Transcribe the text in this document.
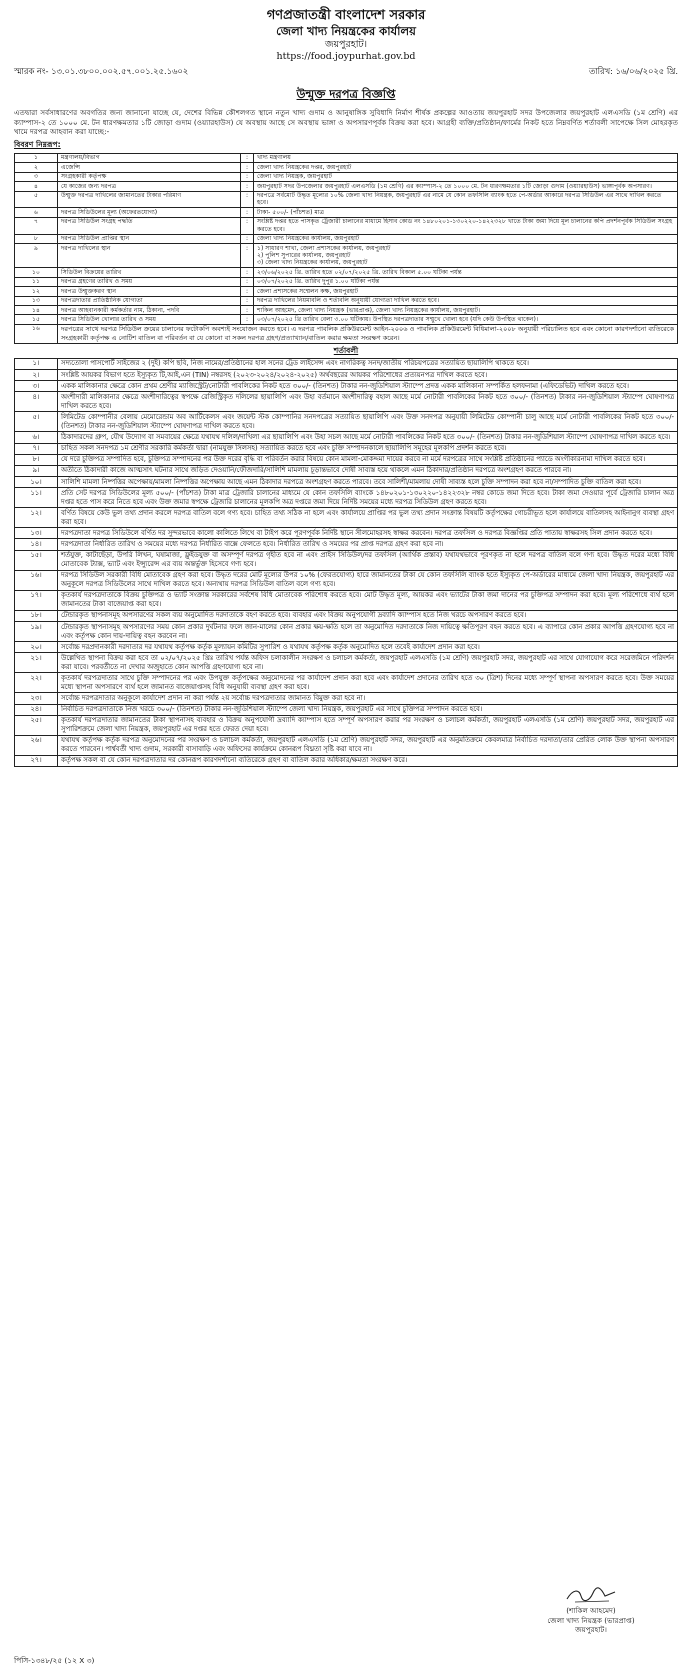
গণপ্রজাতন্ত্রী বাংলাদেশ সরকার
জেলা খাদ্য নিয়ন্ত্রকের কার্যালয়
জয়পুরহাট।
https://food.joypurhat.gov.bd
স্মারক নং- ১৩.০১.৩৮০০.০০২.৫৭.০০১.২৫.১৬০২	তারিখ: ১৬/০৬/২০২৫ খ্রি.
উন্মুক্ত দরপত্র বিজ্ঞপ্তি
এতদ্বারা সর্বসাধারণের অবগতির জন্য জানানো যাচ্ছে যে, দেশের বিভিন্ন কৌশলগত স্থানে নতুন খাদ্য গুদাম ও আনুষাঙ্গিক সুবিধাদি নির্মাণ শীর্ষক প্রকল্পের আওতায় জয়পুরহাট সদর উপজেলার জয়পুরহাট এলএসডি (১ম শ্রেণি) এর ক্যাম্পাস-২ তে ১০০০ মে. টন ধারণক্ষমতার ১টি জোড়া গুদাম (ওয়্যারহাউস) যে অবস্থায় আছে সে অবস্থায় ভাঙ্গা ও অপসারণপূর্বক বিক্রয় করা হবে। আগ্রহী ব্যক্তি/প্রতিষ্ঠান/ফার্মের নিকট হতে নিম্নবর্ণিত শর্তাবলী সাপেক্ষে সিল মোহরকৃত খামে দরপত্র আহবান করা যাচ্ছে:-
বিবরণ নিম্নরূপ:
১	মন্ত্রণালয়/বিভাগ	:	খাদ্য মন্ত্রণালয়
২	এজেন্সি	:	জেলা খাদ্য নিয়ন্ত্রকের দপ্তর, জয়পুরহাট
৩	সংগ্রহকারী কর্তৃপক্ষ	:	জেলা খাদ্য নিয়ন্ত্রক, জয়পুরহাট
৪	যে কাজের জন্য দরপত্র	:	জয়পুরহাট সদর উপজেলার জয়পুরহাট এলএসডি (১ম শ্রেণি) এর ক্যাম্পাস-২ তে ১০০০ মে. টন ধারণক্ষমতার ১টি জোড়া গুদাম (ওয়্যারহাউস) ভাঙ্গাপূর্বক অপসারণ।
৫	উন্মুক্ত দরপত্র দাখিলের জামানতের টাকার পরিমাণ	:	দরপত্রে সর্বমোট উদ্ধৃত মূল্যের ১০% জেলা খাদ্য নিয়ন্ত্রক, জয়পুরহাট এর নামে যে কোন তফসিলি ব্যাংক হতে পে-অর্ডার আকারে দরপত্র সিডিউল এর সাথে দাখিল করতে হবে।
৬	দরপত্র সিডিউলের মূল্য (অফেরতযোগ্য)	:	টাকা- ৫০০/- (পাঁচশত) মাত্র
৭	দরপত্র সিডিউল সংগ্রহ পদ্ধতি	:	সংশ্লিষ্ট দপ্তর হতে পাসকৃত ট্রেজারী চালানের মাধ্যমে হিসাব কোড নং ১৪৮০২০১-১৩০২২০-১৪২২৩২৮ খাতে টাকা জমা দিয়ে মূল চালানের কপি প্রদর্শনপূর্বক সিডিউল সংগ্রহ করতে হবে।
৮	দরপত্র সিডিউল প্রাপ্তির স্থান	:	জেলা খাদ্য নিয়ন্ত্রকের কার্যালয়, জয়পুরহাট
৯	দরপত্র দাখিলের স্থান	:	১) সাধারণ শাখা, জেলা প্রশাসকের কার্যালয়, জয়পুরহাট
২) পুলিশ সুপারের কার্যালয়, জয়পুরহাট
৩) জেলা খাদ্য নিয়ন্ত্রকের কার্যালয়, জয়পুরহাট

১০	সিডিউল বিক্রয়ের তারিখ	:	২৩/০৬/২০২৫ খ্রি. তারিখ হতে ০২/০৭/২০২৫ খ্রি. তারিখ বিকাল ৫.০০ ঘটিকা পর্যন্ত
১১	দরপত্র গ্রহণের তারিখ ও সময়	:	০৩/০৭/২০২৫ খ্রি. তারিখ দুপুর ১.০০ ঘটিকা পর্যন্ত
১২	দরপত্র উন্মুক্তকরণ স্থান	:	জেলা প্রশাসকের সম্মেলন কক্ষ, জয়পুরহাট
১৩	দরপত্রদাতার প্রাতিষ্ঠানিক যোগ্যতা	:	দরপত্র দাখিলের নিয়মাবলি ও শর্তাবলি অনুযায়ী যোগ্যতা দাখিল করতে হবে।
১৪	দরপত্র আহবানকারী কর্মকর্তার নাম, ঠিকানা, পদবি	:	শাকিল আহমেদ, জেলা খাদ্য নিয়ন্ত্রক (ভারপ্রাপ্ত), জেলা খাদ্য নিয়ন্ত্রকের কার্যালয়, জয়পুরহাট।
১৫	দরপত্র সিডিউল খোলার তারিখ ও সময়	:	০৩/০৭/২০২৫ খ্রি তারিখ বেলা ৩.০০ ঘটিকায়। উপস্থিত দরপত্রদাতার সম্মুখে খোলা হবে (যদি কেউ উপস্থিত থাকেন)।
১৬	দরপত্রের সাথে দরপত্র সিডিউল ক্রয়ের চালানের ফটোকপি অবশ্যই সংযোজন করতে হবে। এ দরপত্র পাবলিক প্রকিউরমেন্ট আইন-২০০৬ ও পাবলিক প্রকিউরমেন্ট বিধিমালা-২০০৮ অনুযায়ী পরিচালিত হবে এবং কোনো কারণদর্শানো ব্যতিরেকে সংগ্রহকারী কর্তৃপক্ষ এ নোটিশ বাতিল বা পরিবর্তন বা যে কোনো বা সকল দরপত্র গ্রহণ/প্রত্যাখ্যান/বাতিল করার ক্ষমতা সংরক্ষণ করেন।		
শর্তাবলী
১।	সদ্যতোলা পাসপোর্ট সাইজের ২ (দুই) কপি ছবি, নিজ নামের/প্রতিষ্ঠানের হাল সনের ট্রেড লাইসেন্স এবং নাগরিকত্ব সনদ/জাতীয় পরিচয়পত্রের সত্যায়িত ছায়ালিপি থাকতে হবে।
২।	সংশ্লিষ্ট আয়কর বিভাগ হতে ইস্যুকৃত টি,আই,এন (TIN) নম্বরসহ (২০২৩-২০২৪/২০২৪-২০২৫) অর্থবছরের আয়কর পরিশোধের প্রত্যয়নপত্র দাখিল করতে হবে।
৩।	একক মালিকানার ক্ষেত্রে কোন প্রথম শ্রেণীর ম্যাজিস্ট্রেট/নোটারী পাবলিকের নিকট হতে ৩০০/- (তিনশত) টাকার নন-জুডিশিয়াল স্ট্যাম্পে প্রদত্ত একক মালিকানা সম্পর্কিত হলফনামা (এফিডেভিট) দাখিল করতে হবে।
৪।	অংশীদারী মালিকানার ক্ষেত্রে অংশীদারিত্বের স্বপক্ষে রেজিস্ট্রিকৃত দলিলের ছায়ালিপি এবং উহা বর্তমানে অংশীদারিত্ব বহাল আছে মর্মে নোটারী পাবলিকের নিকট হতে ৩০০/- (তিনশত) টাকার নন-জুডিশিয়াল স্ট্যাম্পে ঘোষণাপত্র দাখিল করতে হবে।
৫।	লিমিটেড কোম্পানীর বেলায় মেমোরেন্ডাম অব আর্টিকেলস এবং জয়েন্ট স্টক কোম্পানির সনদপত্রের সত্যায়িত ছায়ালিপি এবং উক্ত সনদপত্র অনুযায়ী লিমিটেড কোম্পানী চালু আছে মর্মে নোটারী পাবলিকের নিকট হতে ৩০০/- (তিনশত) টাকার নন-জুডিশিয়াল স্ট্যাম্পে ঘোষণাপত্র দাখিল করতে হবে।
৬।	ঠিকাদারদের গ্রুপ, যৌথ উদ্যোগ বা সমবায়ের ক্ষেত্রে যথাযথ দলিল/দাখিলা এর ছায়ালিপি এবং উহা সচল আছে মর্মে নোটারী পাবলিকের নিকট হতে ৩০০/- (তিনশত) টাকার নন-জুডিশিয়াল স্ট্যাম্পে ঘোষণাপত্র দাখিল করতে হবে।
৭।	চাহিত সকল সনদপত্র ১ম শ্রেণীর সরকারি কর্মকর্তা দ্বারা (নামযুক্ত সিলসহ) সত্যায়িত করতে হবে এবং চুক্তি সম্পাদনকালে ছায়ালিপি সমূহের মূলকপি প্রদর্শন করতে হবে।
৮।	যে দরে চুক্তিপত্র সম্পাদিত হবে, চুক্তিপত্র সম্পাদনের পর উক্ত দরের বৃদ্ধি বা পরিবর্তন করার বিষয়ে কোন মামলা-মোকদ্দমা দায়ের করবে না মর্মে দরপত্রের সাথে সংশ্লিষ্ট প্রতিষ্ঠানের প্যাডে অংগীকারনামা দাখিল করতে হবে।
৯।	অতীতে ঠিকাদারী কাজে আত্মসাৎ ঘটনার সাথে জড়িত দেওয়ানি/ফৌজদারি/সালিশি মামলায় চূড়ান্তভাবে দোষী সাব্যস্ত হয়ে থাকলে এমন ঠিকাদার/প্রতিষ্ঠান দরপত্রে অংশগ্রহণ করতে পারবে না।
১০।	সালিশি মামলা নিষ্পত্তির অপেক্ষায়/মামলা নিষ্পত্তির অপেক্ষায় আছে এমন ঠিকাদার দরপত্রে অংশগ্রহণ করতে পারবে। তবে সালিশী/মামলায় দোষী সাব্যস্ত হলে চুক্তি সম্পাদন করা হবে না/সম্পাদিত চুক্তি বাতিল করা হবে।
১১।	প্রতি সেট দরপত্র সিডিউলের মূল্য ৫০০/- (পাঁচশত) টাকা মাত্র ট্রেজারি চালানের মাধ্যমে যে কোন তফসিলি ব্যাংকে ১৪৮০২০১-১৩০২২০-১৪২২৩২৮ নম্বর কোডে জমা দিতে হবে। টাকা জমা দেওয়ার পূর্বে ট্রেজারি চালান অত্র দপ্তর হতে পাস করে নিতে হবে এবং উক্ত জমার স্বপক্ষে ট্রেজারি চালানের মূলকপি অত্র দপ্তরে জমা দিয়ে নির্দিষ্ট সময়ের মধ্যে দরপত্র সিডিউল গ্রহণ করতে হবে।
১২।	বর্ণিত বিষয়ে কেউ ভুল তথ্য প্রদান করলে দরপত্র বাতিল বলে গণ্য হবে। চাহিত তথ্য সঠিক না হলে এবং কার্যালয়ে প্রাপ্তির পর ভুল তথ্য প্রদান সংক্রান্ত বিষয়টি কর্তৃপক্ষের গোচরীভূত হলে কার্যালয়ে বাতিলসহ আইনানুগ ব্যবস্থা গ্রহণ করা হবে।
১৩।	দরপত্রদাতা দরপত্র সিডিউলে বর্ণিত দর সুন্দরভাবে কালো কালিতে লিখে বা টাইপ করে পূরণপূর্বক নির্দিষ্ট স্থানে সীলমোহরসহ স্বাক্ষর করবেন। দরপত্র তফসিল ও দরপত্র বিজ্ঞপ্তির প্রতি পাতায় স্বাক্ষরসহ সিল প্রদান করতে হবে।
১৪।	দরপত্রদাতা নির্ধারিত তারিখ ও সময়ের মধ্যে দরপত্র নির্ধারিত বাক্সে ফেলতে হবে। নির্ধারিত তারিখ ও সময়ের পর প্রাপ্ত দরপত্র গ্রহণ করা হবে না।
১৫।	শর্তযুক্ত, কাটাছেঁড়া, উপরি লিখন, ঘষামাজা, ফ্লুইডযুক্ত বা অসম্পূর্ণ দরপত্র গৃহীত হবে না এবং প্রাইস সিডিউল/দর তফসিল (আর্থিক প্রস্তাব) যথাযথভাবে পূরণকৃত না হলে দরপত্র বাতিল বলে গণ্য হবে। উদ্ধৃত দরের মধ্যে বিধি মোতাবেক ট্যাক্স, ভ্যাট এবং ইন্স্যুরেন্স এর ব্যয় অন্তর্ভুক্ত হিসেবে গণ্য হবে।
১৬।	দরপত্র সিডিউল সরকারী বিধি মোতাবেক গ্রহণ করা হবে। উদ্ধৃত দরের মোট মূল্যের উপর ১০% (ফেরতযোগ্য) হারে জামানতের টাকা যে কোন তফসিলি ব্যাংক হতে ইস্যুকৃত পে-অর্ডারের মাধ্যমে জেলা খাদ্য নিয়ন্ত্রক, জয়পুরহাট এর অনুকূলে দরপত্র সিডিউলের সাথে দাখিল করতে হবে। অন্যথায় দরপত্র সিডিউল বাতিল বলে গণ্য হবে।
১৭।	কৃতকার্য দরপত্রদাতাকে বিক্রয় চুক্তিপত্র ও ভ্যাট সংক্রান্ত সরকারের সর্বশেষ বিধি মোতাবেক পরিশোধ করতে হবে। মোট উদ্ধৃত মূল্য, আয়কর এবং ভ্যাটের টাকা জমা দানের পর চুক্তিপত্র সম্পাদন করা হবে। মূল্য পরিশোধে ব্যর্থ হলে জামানতের টাকা বাজেয়াপ্ত করা হবে।
১৮।	টেন্ডারকৃত স্থাপনাসমূহ অপসারণের সকল ব্যয় অনুমোদিত দরদাতাকে বহণ করতে হবে। ব্যবহার এবং বিক্রয় অনুপযোগী দ্রব্যাদি ক্যাম্পাস হতে নিজ খরচে অপসারণ করতে হবে।
১৯।	টেন্ডারকৃত স্থাপনাসমূহ অপসারণের সময় কোন প্রকার দুর্ঘটনার ফলে জান-মালের কোন প্রকার ক্ষয়-ক্ষতি হলে তা অনুমোদিত দরদাতাকে নিজ দায়িত্বে ক্ষতিপূরণ বহন করতে হবে। এ ব্যাপারে কোন প্রকার আপত্তি গ্রহণযোগ্য হবে না এবং কর্তৃপক্ষ কোন দায়-দায়িত্ব বহন করবেন না।
২০।	সর্বোচ্চ দরপ্রদানকারী দরদাতার দর যথাযথ কর্তৃপক্ষ কর্তৃক মূল্যায়ন কমিটির সুপারিশ ও যথাযথ কর্তৃপক্ষ কর্তৃক অনুমোদিত হলে তবেই কার্যাদেশ প্রদান করা হবে।
২১।	উল্লেখিত স্থাপনা বিক্রয় করা হবে তা ০২/০৭/২০২৫ খ্রিঃ তারিখ পর্যন্ত অফিস চলাকালীন সংরক্ষণ ও চলাচল কর্মকর্তা, জয়পুরহাট এলএসডি (১ম শ্রেণি) জয়পুরহাট সদর, জয়পুরহাট এর সাথে যোগাযোগ করে সরেজমিনে পরিদর্শন করা যাবে। পরবর্তীতে না দেখার অজুহাতে কোন আপত্তি গ্রহণযোগ্য হবে না।
২২।	কৃতকার্য দরপত্রদাতার সাথে চুক্তি সম্পাদনের পর এবং উপযুক্ত কর্তৃপক্ষের অনুমোদনের পর কার্যাদেশ প্রদান করা হবে এবং কার্যাদেশ প্রদানের তারিখ হতে ৩০ (ত্রিশ) দিনের মধ্যে সম্পূর্ণ স্থাপনা অপসারণ করতে হবে। উক্ত সময়ের মধ্যে স্থাপনা অপসারণে ব্যর্থ হলে জামানত বাজেয়াপ্তসহ বিধি অনুযায়ী ব্যবস্থা গ্রহণ করা হবে।
২৩।	সর্বোচ্চ দরপত্রদাতার অনুকূলে কার্যাদেশ প্রদান না করা পর্যন্ত ২য় সর্বোচ্চ দরপত্রদাতার জামানত বিমুক্ত করা হবে না।
২৪।	নির্বাচিত দরপত্রদাতাকে নিজ খরচে ৩০০/- (তিনশত) টাকার নন-জুডিশিয়াল স্ট্যাম্পে জেলা খাদ্য নিয়ন্ত্রক, জয়পুরহাট এর সাথে চুক্তিপত্র সম্পাদন করতে হবে।
২৫।	কৃতকার্য দরপত্রদাতার জামানতের টাকা স্থাপনাসহ ব্যবহার ও বিক্রয় অনুপযোগী দ্রব্যাদি ক্যাম্পাস হতে সম্পূর্ণ অপসারণ করার পর সংরক্ষণ ও চলাচল কর্মকর্তা, জয়পুরহাট এলএসডি (১ম শ্রেণি) জয়পুরহাট সদর, জয়পুরহাট এর সুপারিশক্রমে জেলা খাদ্য নিয়ন্ত্রক, জয়পুরহাট এর দপ্তর হতে ফেরত দেয়া হবে।
২৬।	যথাযথ কর্তৃপক্ষ কর্তৃক দরপত্র অনুমোদনের পর সংরক্ষণ ও চলাচল কর্মকর্তা, জয়পুরহাট এলএসডি (১ম শ্রেণি) জয়পুরহাট সদর, জয়পুরহাট এর অনুমতিক্রমে কেবলমাত্র নির্বাচিত দরদাতা/তার প্রেরিত লোক উক্ত স্থাপনা অপসারণ করতে পারবেন। পার্শ্ববর্তী খাদ্য গুদাম, সরকারী বাসাবাড়ি এবং অফিসের কার্যক্রমে কোনরূপ বিঘ্নতা সৃষ্টি করা যাবে না।
২৭।	কর্তৃপক্ষ সকল বা যে কোন দরপত্রদাতার দর কোনরূপ কারণদর্শানো ব্যতিরেকে গ্রহণ বা বাতিল করার অধিকার/ক্ষমতা সংরক্ষণ করে।
(শাকিল আহমেদ)
জেলা খাদ্য নিয়ন্ত্রক (ভারপ্রাপ্ত)
জয়পুরহাট।
পিসি-১৩৪৮/২৫ (১২ X ৩)
